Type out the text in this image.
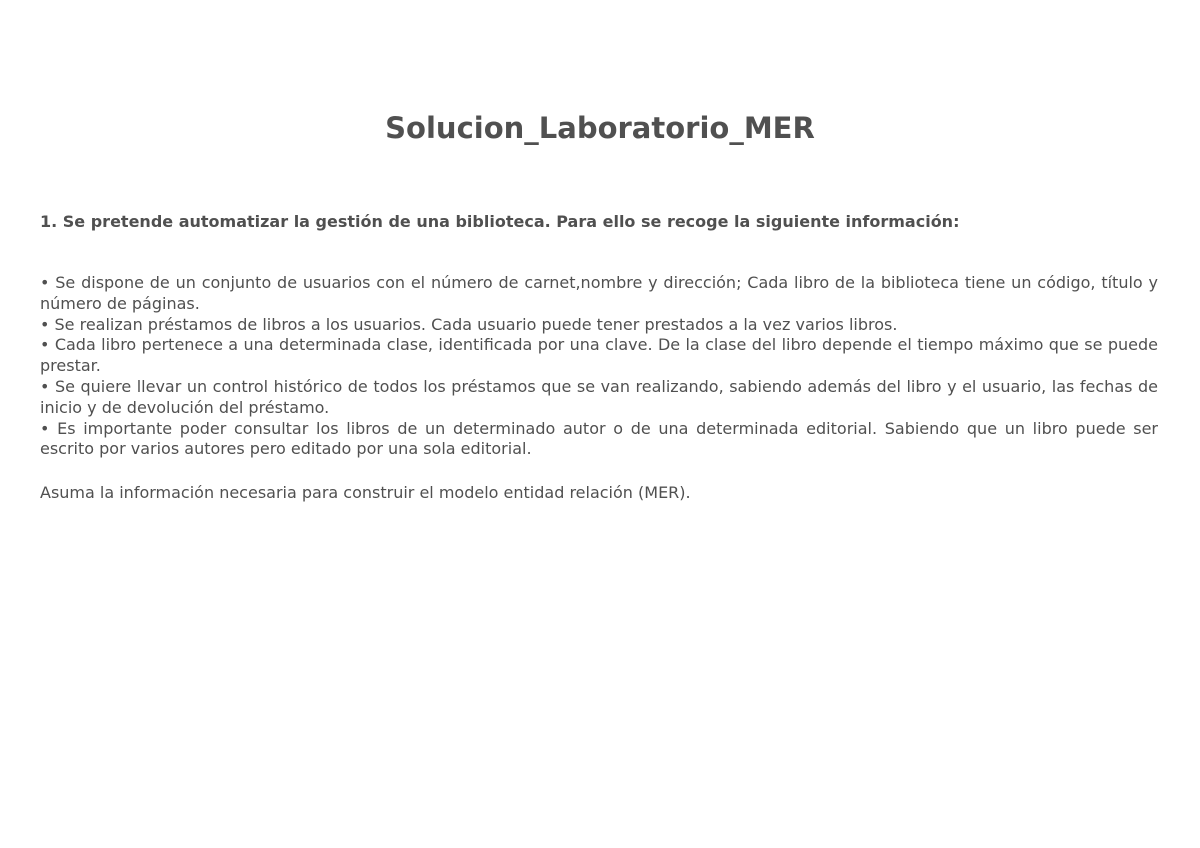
Solucion_Laboratorio_MER

1. Se pretende automatizar la gestión de una biblioteca. Para ello se recoge la siguiente información:

• Se dispone de un conjunto de usuarios con el número de carnet,nombre y dirección; Cada libro de la biblioteca tiene un código, título y número de páginas.
• Se realizan préstamos de libros a los usuarios. Cada usuario puede tener prestados a la vez varios libros.
• Cada libro pertenece a una determinada clase, identificada por una clave. De la clase del libro depende el tiempo máximo que se puede prestar.
• Se quiere llevar un control histórico de todos los préstamos que se van realizando, sabiendo además del libro y el usuario, las fechas de inicio y de devolución del préstamo.
• Es importante poder consultar los libros de un determinado autor o de una determinada editorial. Sabiendo que un libro puede ser escrito por varios autores pero editado por una sola editorial.

Asuma la información necesaria para construir el modelo entidad relación (MER).
